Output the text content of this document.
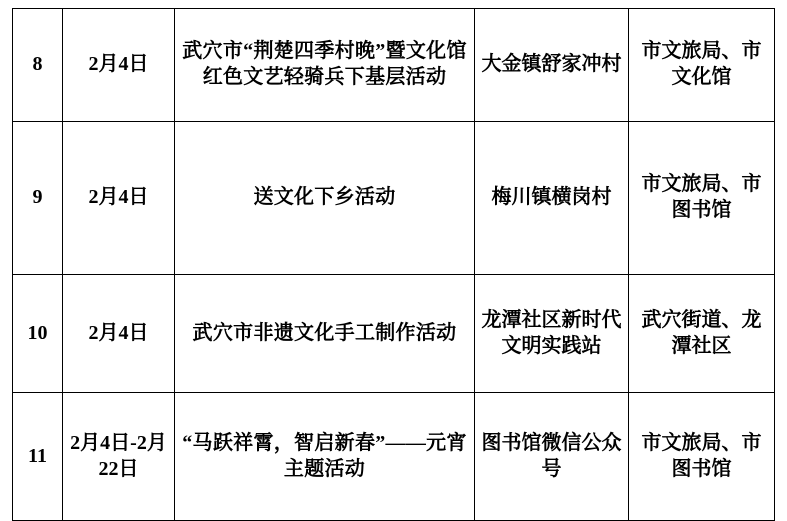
8	2月4日	武穴市“荆楚四季村晚”暨文化馆红色文艺轻骑兵下基层活动	大金镇舒家冲村	市文旅局、市文化馆

9	2月4日	送文化下乡活动	梅川镇横岗村	市文旅局、市图书馆

10	2月4日	武穴市非遗文化手工制作活动	龙潭社区新时代文明实践站	武穴街道、龙潭社区

11	2月4日-2月22日	“马跃祥霄，智启新春”——元宵主题活动	图书馆微信公众号	市文旅局、市图书馆
